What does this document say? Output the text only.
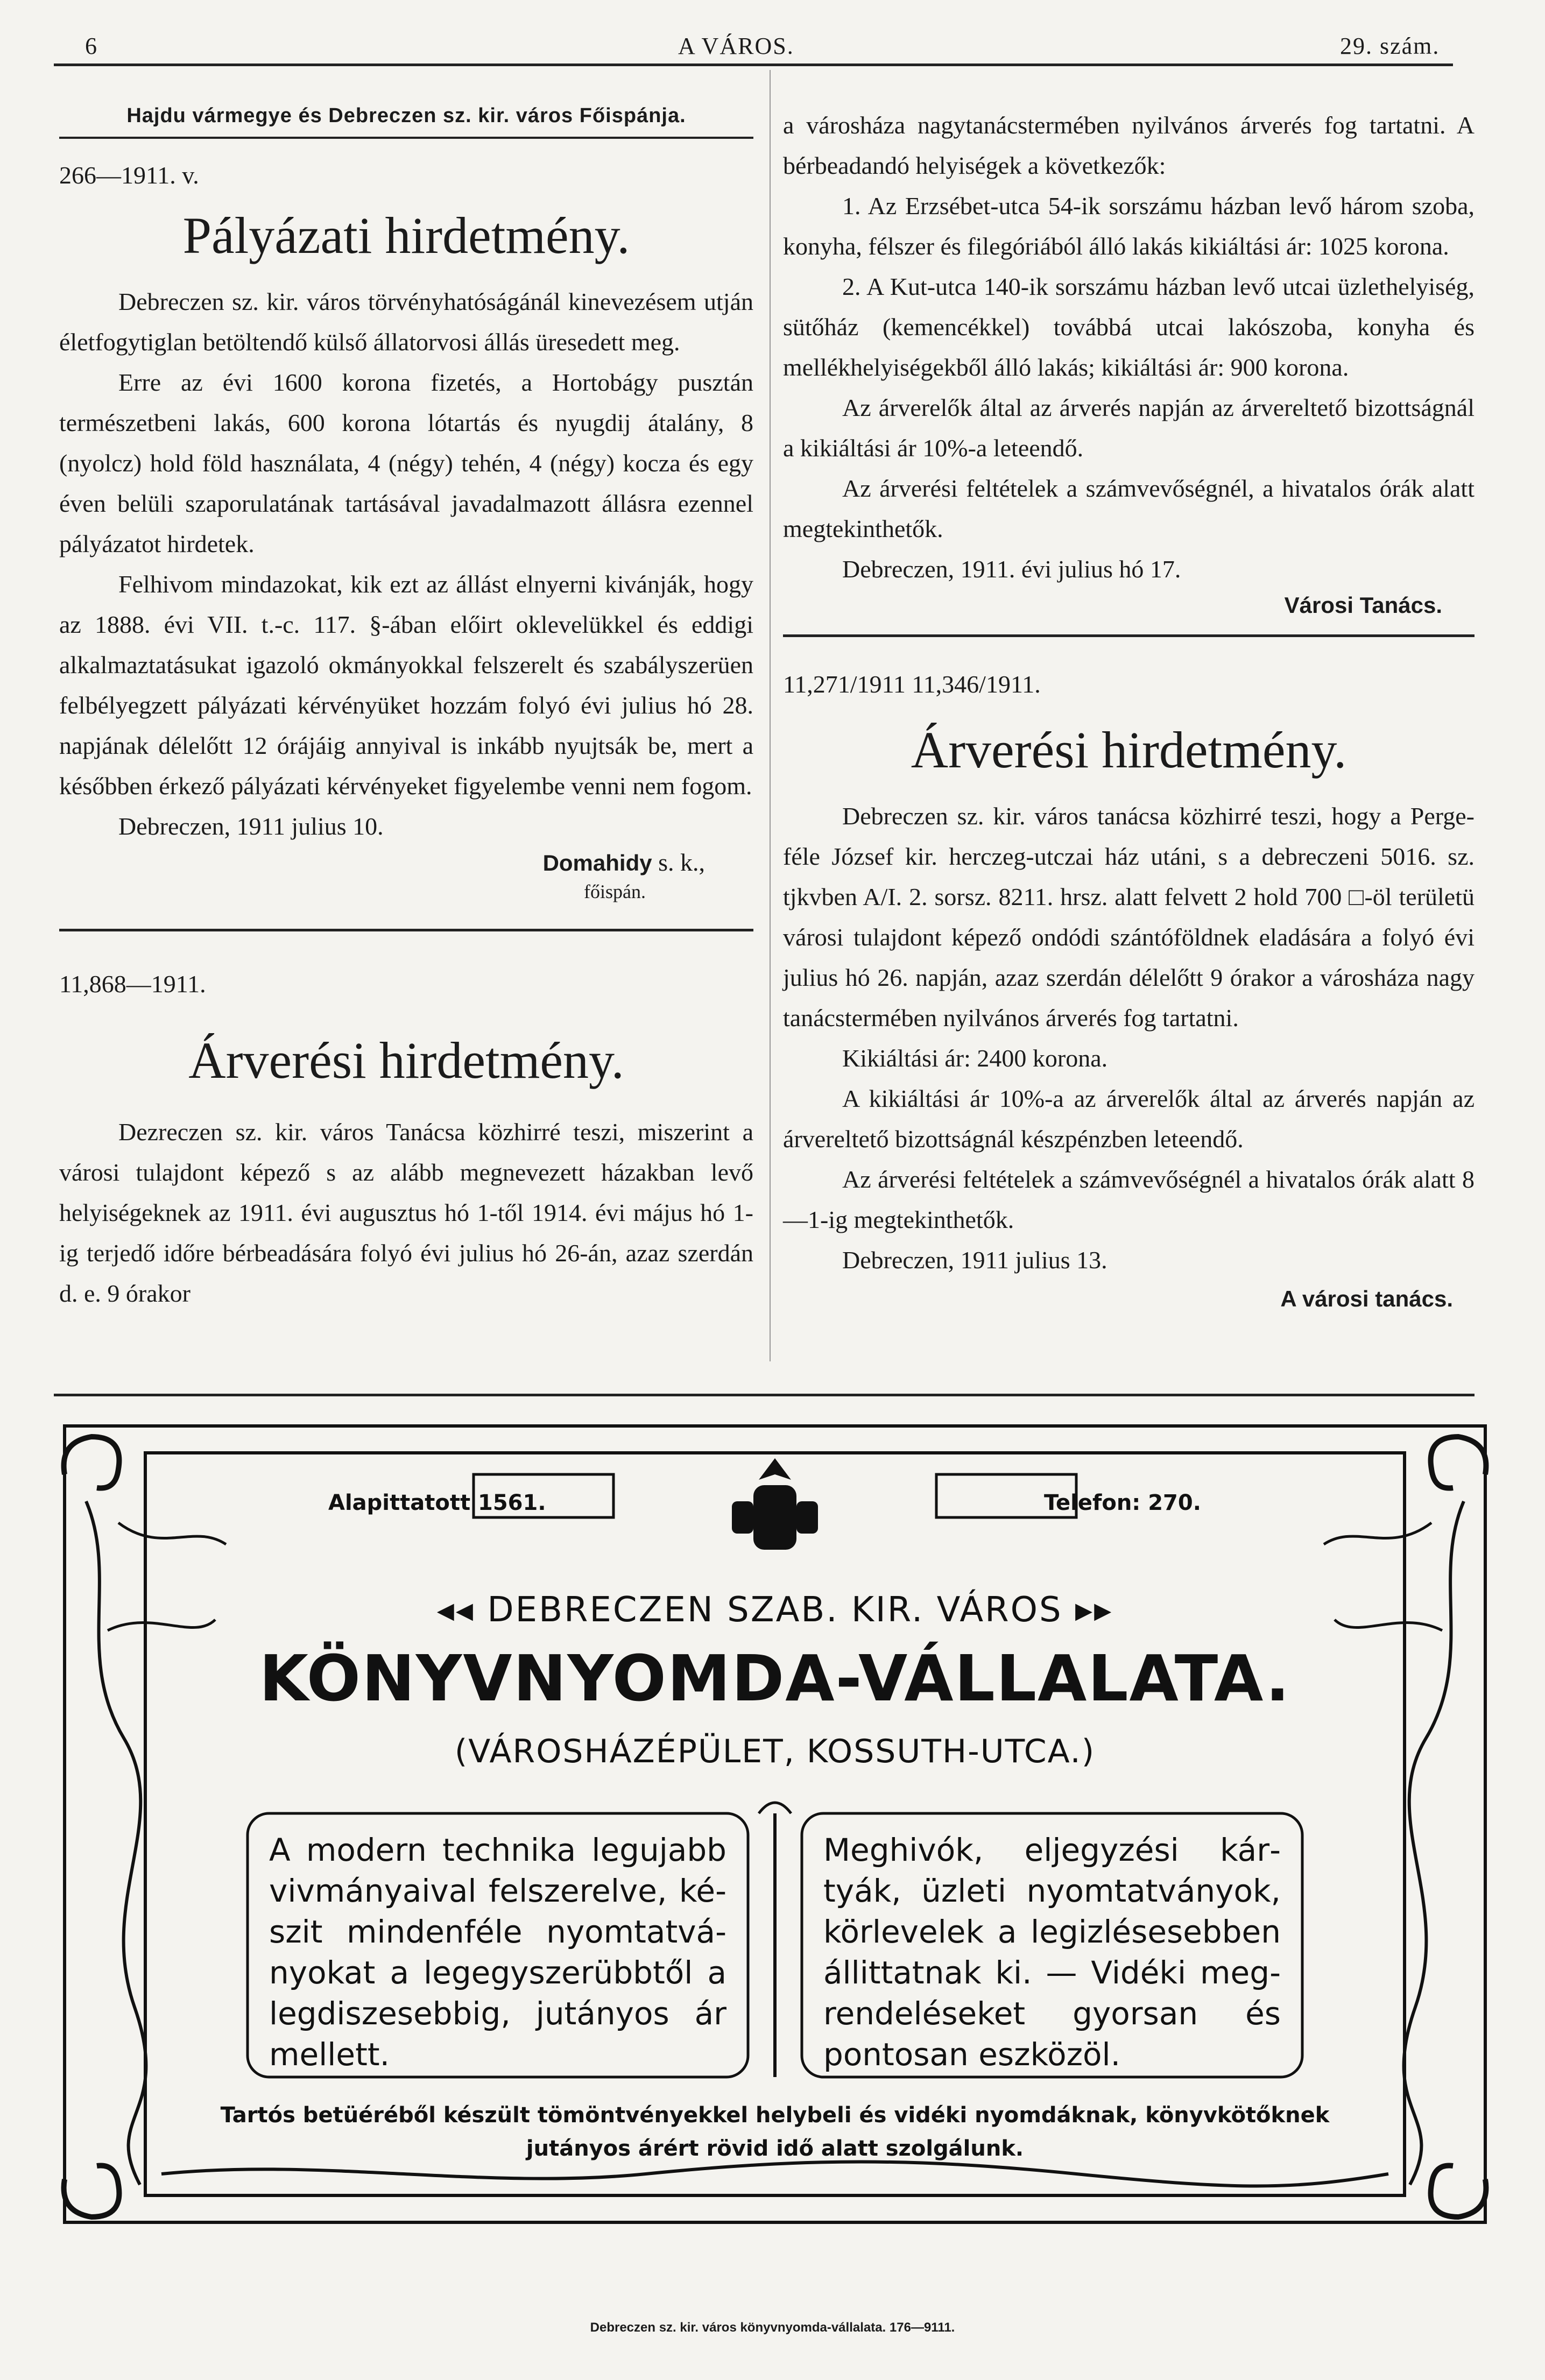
6	A VÁROS.	29. szám.
Hajdu vármegye és Debreczen sz. kir. város Főispánja.

266—1911. v.

Pályázati hirdetmény.

Debreczen sz. kir. város törvényhatóságánál kinevezésem utján életfogytiglan betöltendő külső állatorvosi állás üresedett meg.

Erre az évi 1600 korona fizetés, a Hortobágy pusztán természetbeni lakás, 600 korona lótartás és nyugdij átalány, 8 (nyolcz) hold föld használata, 4 (négy) tehén, 4 (négy) kocza és egy éven belüli szaporulatának tartásával javadalmazott állásra ezennel pályázatot hirdetek.

Felhivom mindazokat, kik ezt az állást elnyerni kivánják, hogy az 1888. évi VII. t.-c. 117. §-ában előirt oklevelükkel és eddigi alkalmaztatásukat igazoló okmányokkal felszerelt és szabályszerüen felbélyegzett pályázati kérvényüket hozzám folyó évi julius hó 28. napjának délelőtt 12 órájáig annyival is inkább nyujtsák be, mert a későbben érkező pályázati kérvényeket figyelembe venni nem fogom.

Debreczen, 1911 julius 10.

Domahidy s. k.,
főispán.

11,868—1911.

Árverési hirdetmény.

Dezreczen sz. kir. város Tanácsa közhirré teszi, miszerint a városi tulajdont képező s az alább megnevezett házakban levő helyiségeknek az 1911. évi augusztus hó 1-től 1914. évi május hó 1-ig terjedő időre bérbeadására folyó évi julius hó 26-án, azaz szerdán d. e. 9 órakor

a városháza nagytanácstermében nyilvános árverés fog tartatni. A bérbeadandó helyiségek a következők:

1. Az Erzsébet-utca 54-ik sorszámu házban levő három szoba, konyha, félszer és filegóriából álló lakás kikiáltási ár: 1025 korona.

2. A Kut-utca 140-ik sorszámu házban levő utcai üzlethelyiség, sütőház (kemencékkel) továbbá utcai lakószoba, konyha és mellékhelyiségekből álló lakás; kikiáltási ár: 900 korona.

Az árverelők által az árverés napján az árvereltető bizottságnál a kikiáltási ár 10%-a leteendő.

Az árverési feltételek a számvevőségnél, a hivatalos órák alatt megtekinthetők.

Debreczen, 1911. évi julius hó 17.

Városi Tanács.

11,271/1911 11,346/1911.

Árverési hirdetmény.

Debreczen sz. kir. város tanácsa közhirré teszi, hogy a Perge-féle József kir. herczeg-utczai ház utáni, s a debreczeni 5016. sz. tjkvben A/I. 2. sorsz. 8211. hrsz. alatt felvett 2 hold 700 □-öl területü városi tulajdont képező ondódi szántóföldnek eladására a folyó évi julius hó 26. napján, azaz szerdán délelőtt 9 órakor a városháza nagy tanácstermében nyilvános árverés fog tartatni.

Kikiáltási ár: 2400 korona.

A kikiáltási ár 10%-a az árverelők által az árverés napján az árvereltető bizottságnál készpénzben leteendő.

Az árverési feltételek a számvevőségnél a hivatalos órák alatt 8—1-ig megtekinthetők.

Debreczen, 1911 julius 13.

A városi tanács.
Alapittatott 1561.	Telefon: 270.
◂◂ DEBRECZEN SZAB. KIR. VÁROS ▸▸
KÖNYVNYOMDA-VÁLLALATA.
(VÁROSHÁZÉPÜLET, KOSSUTH-UTCA.)
A modern technika legujabb vivmányaival felszerelve, készit mindenféle nyomtatványokat a legegyszerübbtől a legdiszesebbig, jutányos ár mellett.
Meghivók, eljegyzési kártyák, üzleti nyomtatványok, körlevelek a legizlésesebben állittatnak ki. — Vidéki megrendeléseket gyorsan és pontosan eszközöl.
Tartós betüéréből készült tömöntvényekkel helybeli és vidéki nyomdáknak, könyvkötőknek jutányos árért rövid idő alatt szolgálunk.
Debreczen sz. kir. város könyvnyomda-vállalata. 176—9111.
